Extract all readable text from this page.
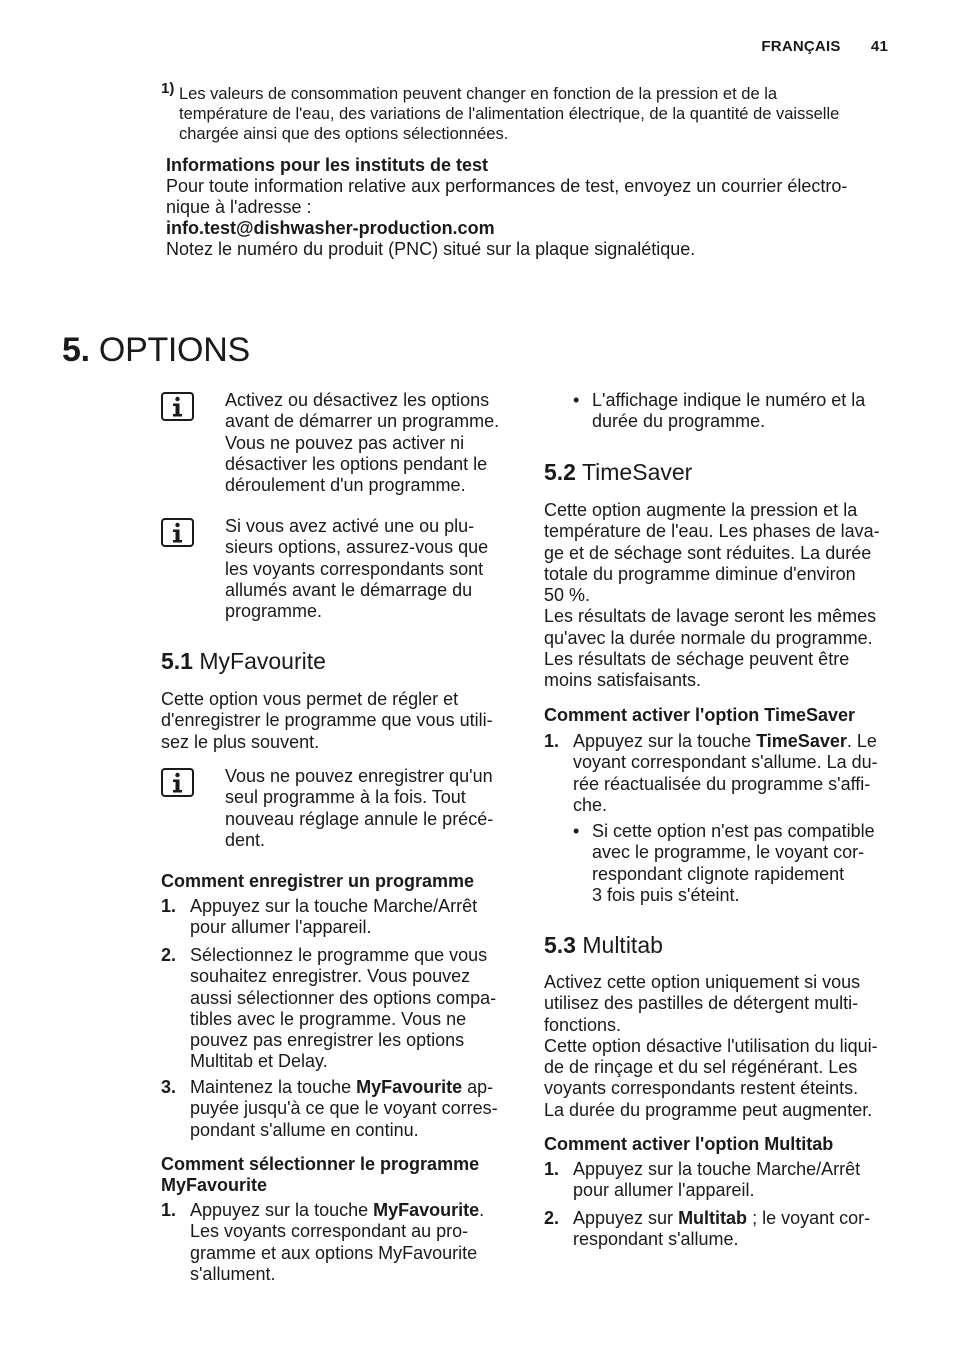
FRANÇAIS 41
1) Les valeurs de consommation peuvent changer en fonction de la pression et de la
température de l'eau, des variations de l'alimentation électrique, de la quantité de vaisselle
chargée ainsi que des options sélectionnées.
Informations pour les instituts de test
Pour toute information relative aux performances de test, envoyez un courrier électro-
nique à l'adresse :
info.test@dishwasher-production.com
Notez le numéro du produit (PNC) situé sur la plaque signalétique.
5. OPTIONS
Activez ou désactivez les options
avant de démarrer un programme.
Vous ne pouvez pas activer ni
désactiver les options pendant le
déroulement d'un programme.
Si vous avez activé une ou plu-
sieurs options, assurez-vous que
les voyants correspondants sont
allumés avant le démarrage du
programme.
5.1 MyFavourite
Cette option vous permet de régler et
d'enregistrer le programme que vous utili-
sez le plus souvent.
Vous ne pouvez enregistrer qu'un
seul programme à la fois. Tout
nouveau réglage annule le précé-
dent.
Comment enregistrer un programme
1. Appuyez sur la touche Marche/Arrêt
pour allumer l'appareil.
2. Sélectionnez le programme que vous
souhaitez enregistrer. Vous pouvez
aussi sélectionner des options compa-
tibles avec le programme. Vous ne
pouvez pas enregistrer les options
Multitab et Delay.
3. Maintenez la touche MyFavourite ap-
puyée jusqu'à ce que le voyant corres-
pondant s'allume en continu.
Comment sélectionner le programme
MyFavourite
1. Appuyez sur la touche MyFavourite.
Les voyants correspondant au pro-
gramme et aux options MyFavourite
s'allument.
• L'affichage indique le numéro et la
durée du programme.
5.2 TimeSaver
Cette option augmente la pression et la
température de l'eau. Les phases de lava-
ge et de séchage sont réduites. La durée
totale du programme diminue d'environ
50 %.
Les résultats de lavage seront les mêmes
qu'avec la durée normale du programme.
Les résultats de séchage peuvent être
moins satisfaisants.
Comment activer l'option TimeSaver
1. Appuyez sur la touche TimeSaver. Le
voyant correspondant s'allume. La du-
rée réactualisée du programme s'affi-
che.
• Si cette option n'est pas compatible
avec le programme, le voyant cor-
respondant clignote rapidement
3 fois puis s'éteint.
5.3 Multitab
Activez cette option uniquement si vous
utilisez des pastilles de détergent multi-
fonctions.
Cette option désactive l'utilisation du liqui-
de de rinçage et du sel régénérant. Les
voyants correspondants restent éteints.
La durée du programme peut augmenter.
Comment activer l'option Multitab
1. Appuyez sur la touche Marche/Arrêt
pour allumer l'appareil.
2. Appuyez sur Multitab ; le voyant cor-
respondant s'allume.
